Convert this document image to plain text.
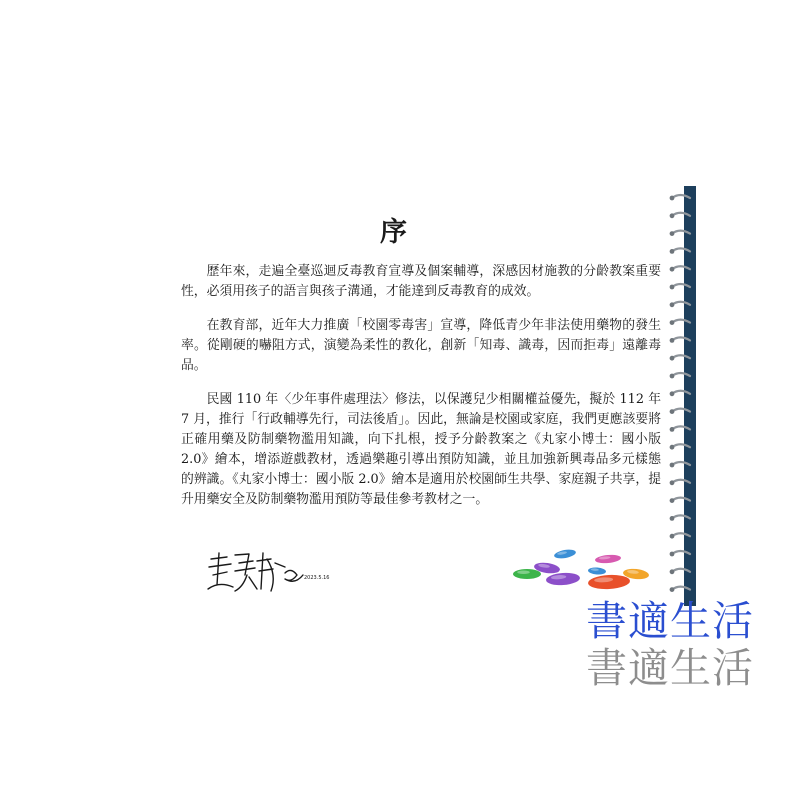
序

歷年來，走遍全臺巡迴反毒教育宣導及個案輔導，深感因材施教的分齡教案重要性，必須用孩子的語言與孩子溝通，才能達到反毒教育的成效。

在教育部，近年大力推廣「校園零毒害」宣導，降低青少年非法使用藥物的發生率。從剛硬的嚇阻方式，演變為柔性的教化，創新「知毒、識毒，因而拒毒」遠離毒品。

民國 110 年〈少年事件處理法〉修法，以保護兒少相關權益優先，擬於 112 年 7 月，推行「行政輔導先行，司法後盾」。因此，無論是校園或家庭，我們更應該要將正確用藥及防制藥物濫用知識，向下扎根，授予分齡教案之《丸家小博士：國小版 2.0》繪本，增添遊戲教材，透過樂趣引導出預防知識，並且加強新興毒品多元樣態的辨識。《丸家小博士：國小版 2.0》繪本是適用於校園師生共學、家庭親子共享，提升用藥安全及防制藥物濫用預防等最佳參考教材之一。

2023.5.16
書適生活
書適生活
